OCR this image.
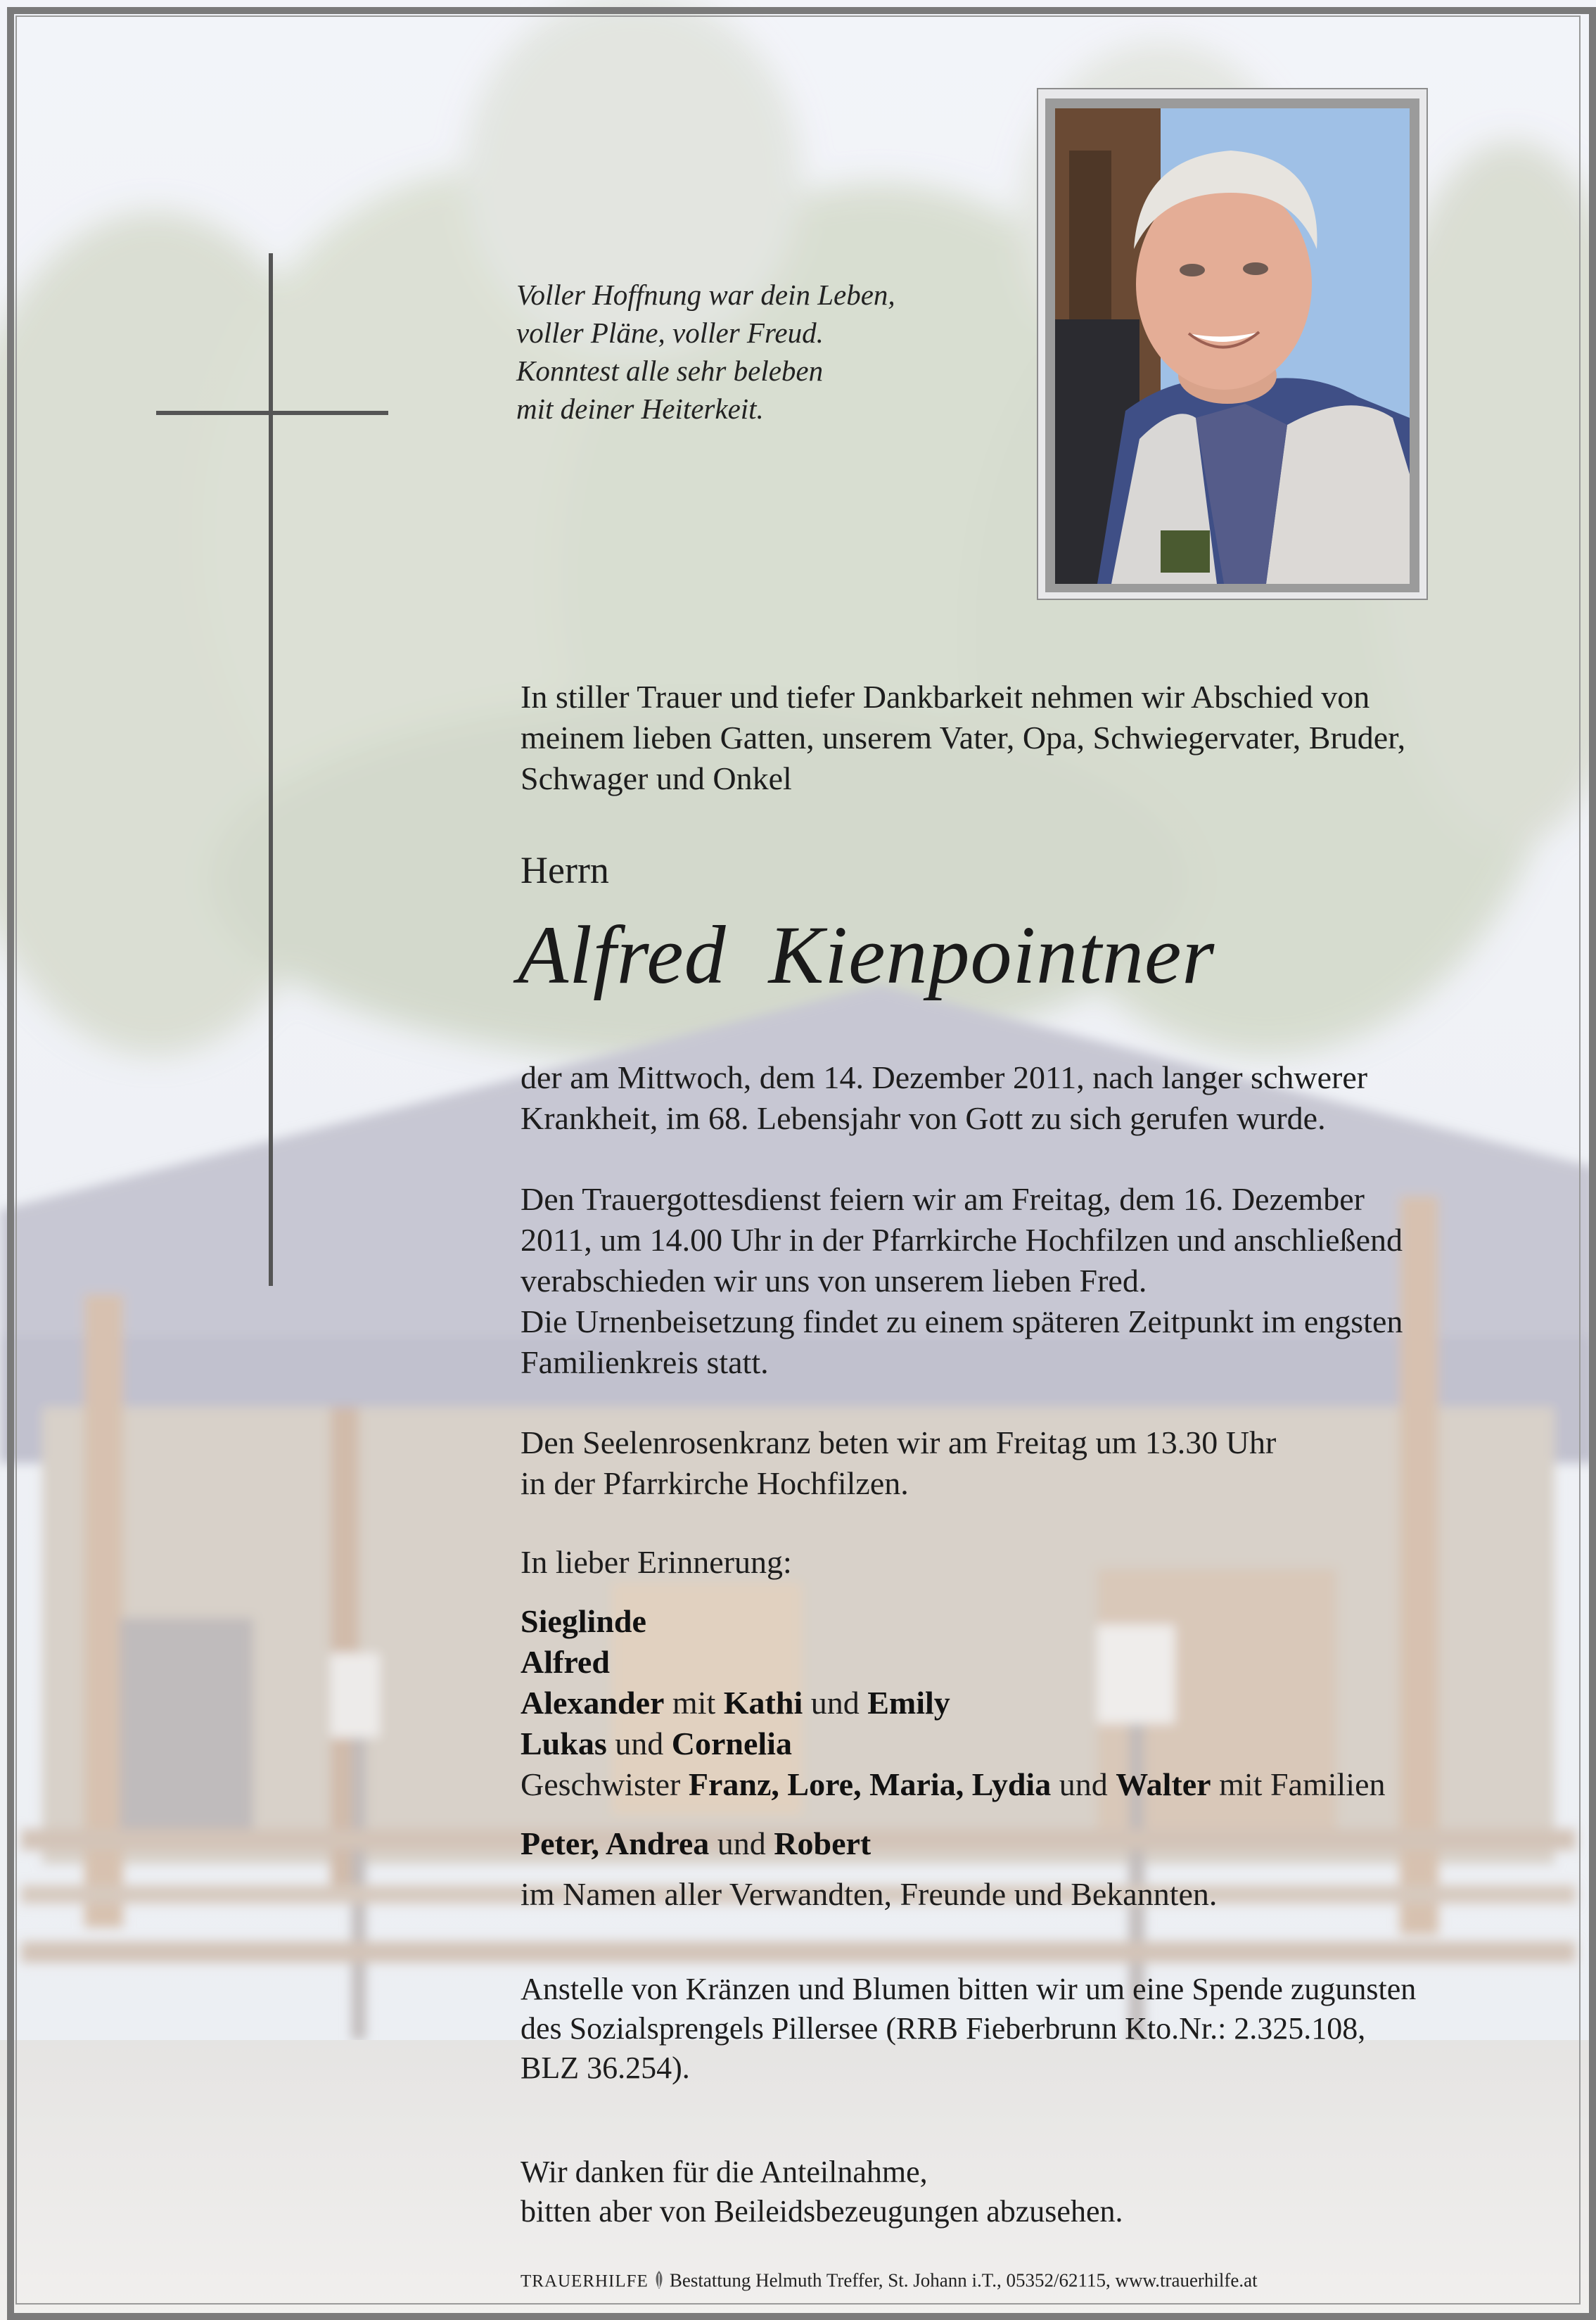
Voller Hoffnung war dein Leben,
voller Pläne, voller Freud.
Konntest alle sehr beleben
mit deiner Heiterkeit.
In stiller Trauer und tiefer Dankbarkeit nehmen wir Abschied von
meinem lieben Gatten, unserem Vater, Opa, Schwiegervater, Bruder,
Schwager und Onkel
Herrn
Alfred Kienpointner
der am Mittwoch, dem 14. Dezember 2011, nach langer schwerer
Krankheit, im 68. Lebensjahr von Gott zu sich gerufen wurde.
Den Trauergottesdienst feiern wir am Freitag, dem 16. Dezember
2011, um 14.00 Uhr in der Pfarrkirche Hochfilzen und anschließend
verabschieden wir uns von unserem lieben Fred.
Die Urnenbeisetzung findet zu einem späteren Zeitpunkt im engsten
Familienkreis statt.
Den Seelenrosenkranz beten wir am Freitag um 13.30 Uhr
in der Pfarrkirche Hochfilzen.
In lieber Erinnerung:
Sieglinde
Alfred
Alexander mit Kathi und Emily
Lukas und Cornelia
Geschwister Franz, Lore, Maria, Lydia und Walter mit Familien
Peter, Andrea und Robert
im Namen aller Verwandten, Freunde und Bekannten.
Anstelle von Kränzen und Blumen bitten wir um eine Spende zugunsten
des Sozialsprengels Pillersee (RRB Fieberbrunn Kto.Nr.: 2.325.108,
BLZ 36.254).
Wir danken für die Anteilnahme,
bitten aber von Beileidsbezeugungen abzusehen.
TRAUERHILFE Bestattung Helmuth Treffer, St. Johann i.T., 05352/62115, www.trauerhilfe.at
